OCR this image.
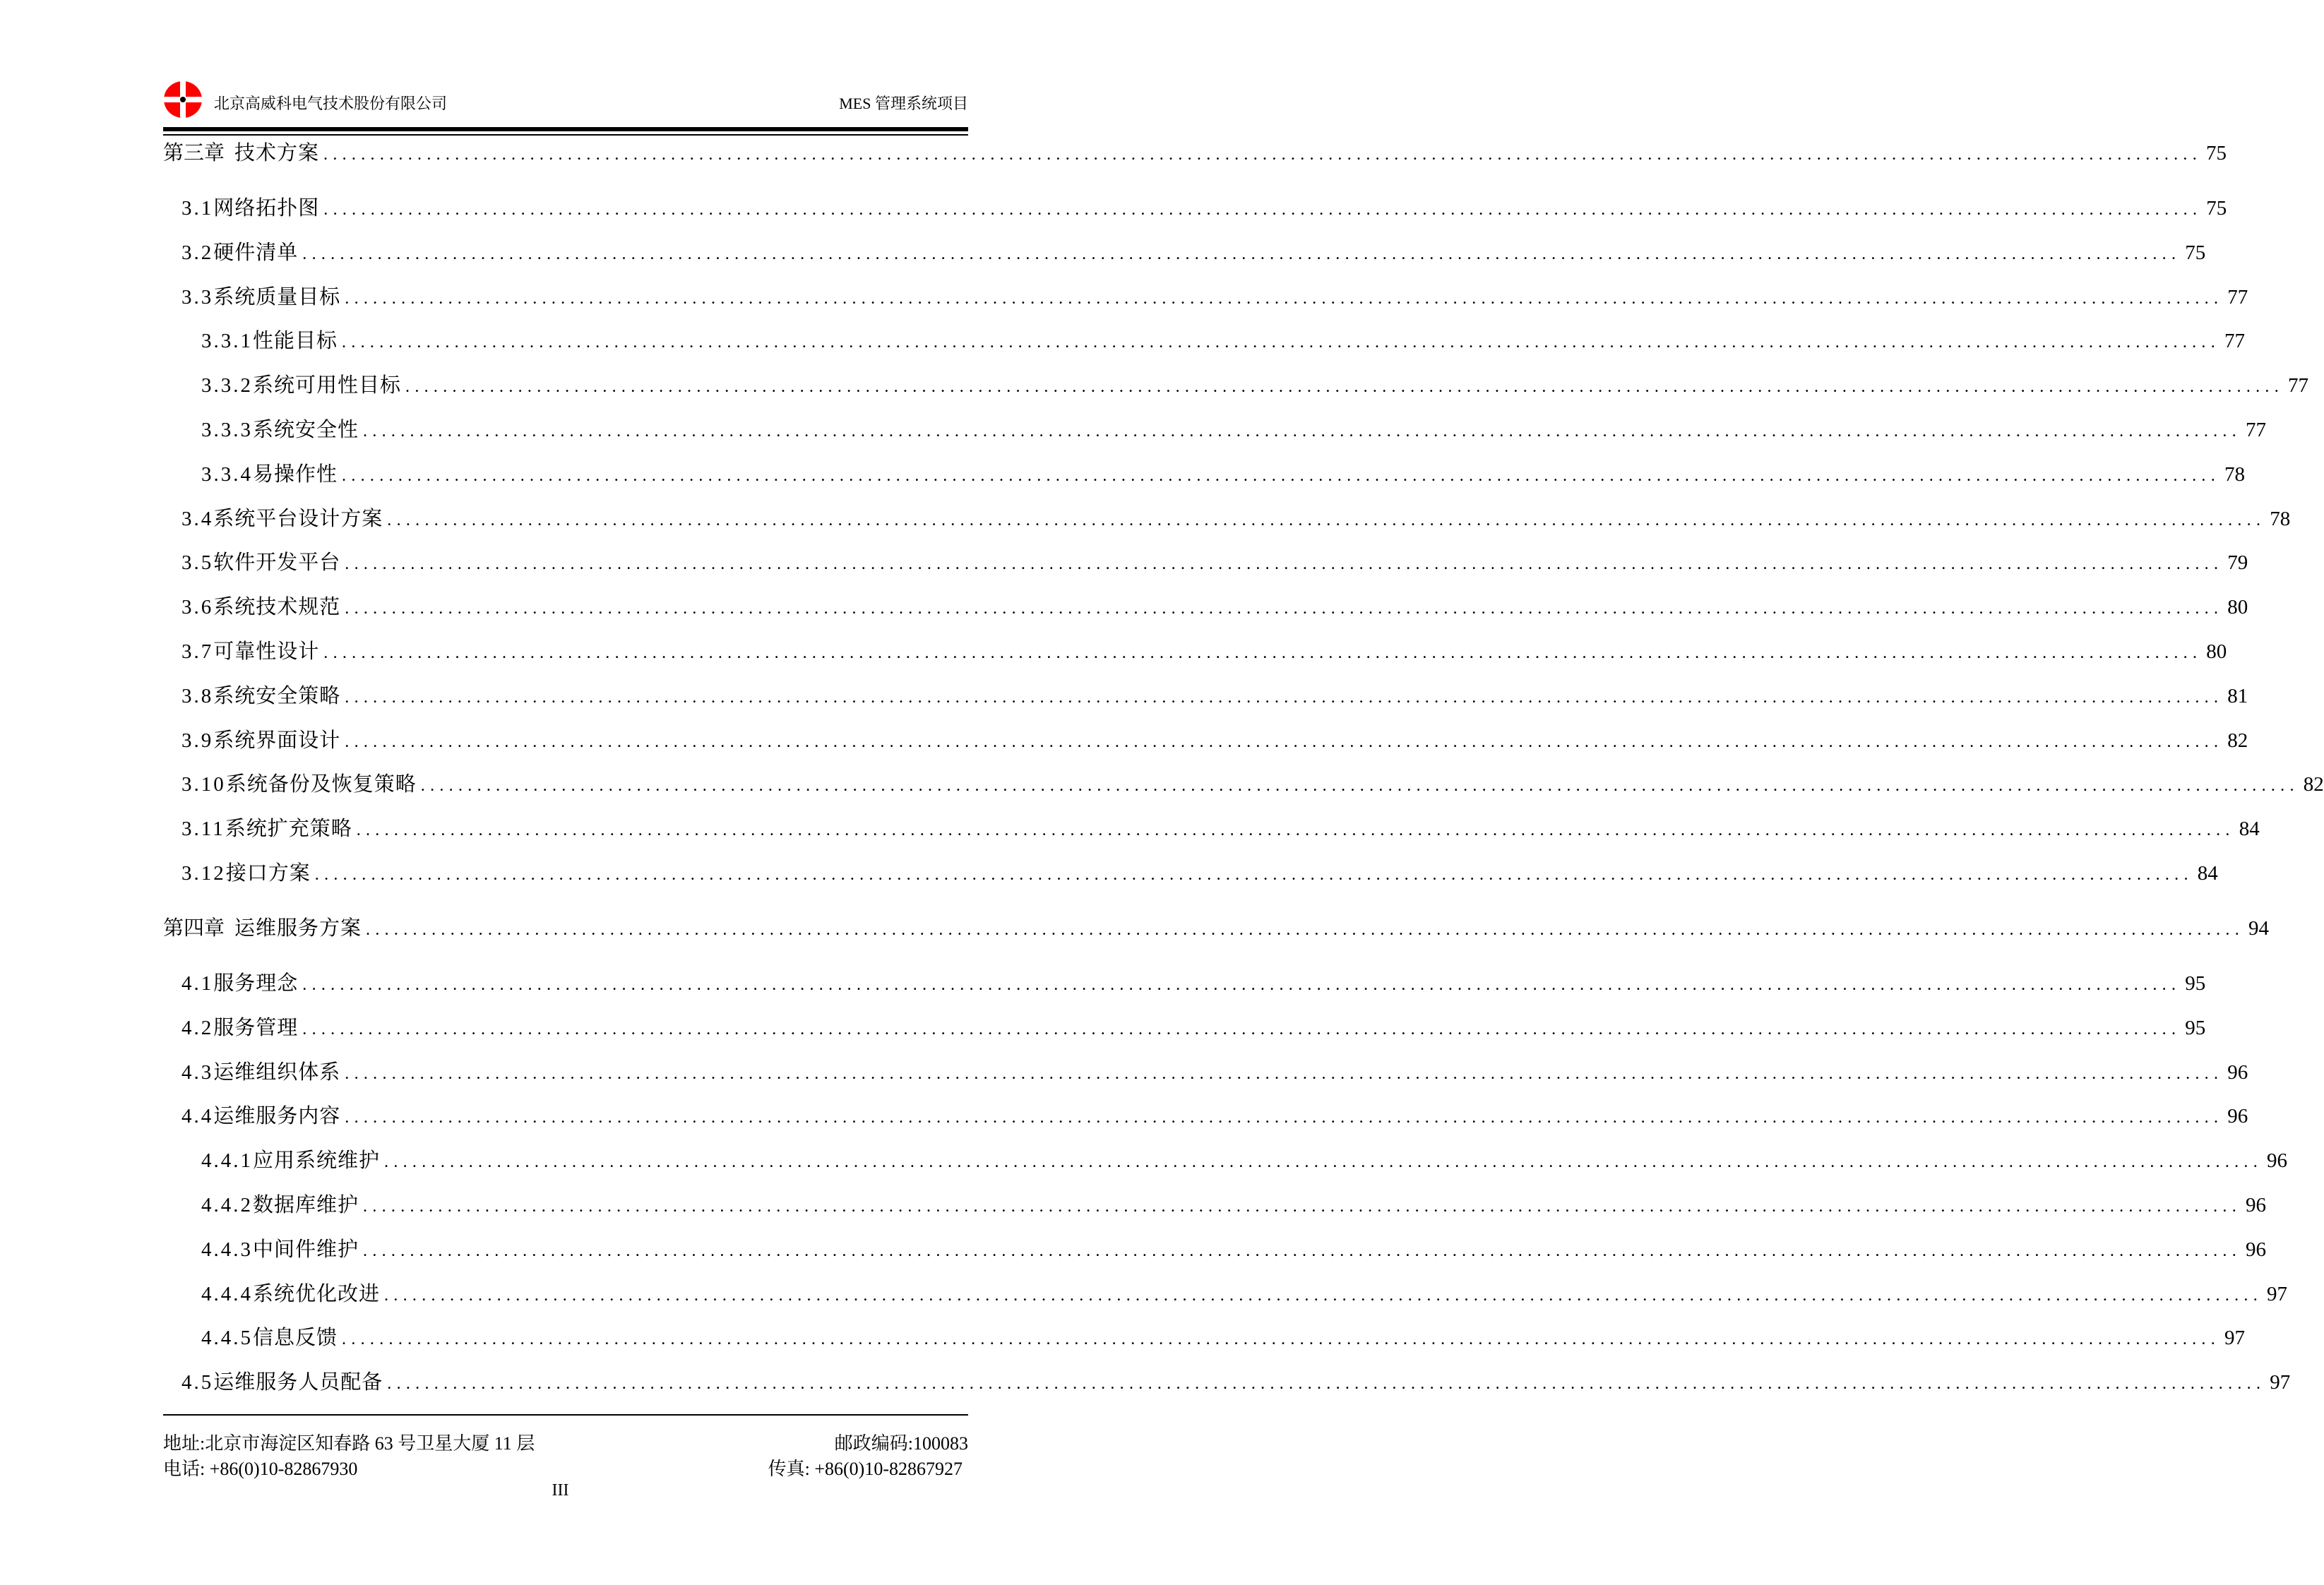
北京高威科电气技术股份有限公司	MES 管理系统项目
第三章 技术方案 ........................................................................................................................................................................................................ 75
3.1 网络拓扑图 ........................................................................................................................................................................................................ 75
3.2 硬件清单 ........................................................................................................................................................................................................ 75
3.3 系统质量目标 ........................................................................................................................................................................................................ 77
3.3.1 性能目标 ........................................................................................................................................................................................................ 77
3.3.2 系统可用性目标 ........................................................................................................................................................................................................ 77
3.3.3 系统安全性 ........................................................................................................................................................................................................ 77
3.3.4 易操作性 ........................................................................................................................................................................................................ 78
3.4 系统平台设计方案 ........................................................................................................................................................................................................ 78
3.5 软件开发平台 ........................................................................................................................................................................................................ 79
3.6 系统技术规范 ........................................................................................................................................................................................................ 80
3.7 可靠性设计 ........................................................................................................................................................................................................ 80
3.8 系统安全策略 ........................................................................................................................................................................................................ 81
3.9 系统界面设计 ........................................................................................................................................................................................................ 82
3.10 系统备份及恢复策略 ........................................................................................................................................................................................................ 82
3.11 系统扩充策略 ........................................................................................................................................................................................................ 84
3.12 接口方案 ........................................................................................................................................................................................................ 84
第四章 运维服务方案 ........................................................................................................................................................................................................ 94
4.1 服务理念 ........................................................................................................................................................................................................ 95
4.2 服务管理 ........................................................................................................................................................................................................ 95
4.3 运维组织体系 ........................................................................................................................................................................................................ 96
4.4 运维服务内容 ........................................................................................................................................................................................................ 96
4.4.1 应用系统维护 ........................................................................................................................................................................................................ 96
4.4.2 数据库维护 ........................................................................................................................................................................................................ 96
4.4.3 中间件维护 ........................................................................................................................................................................................................ 96
4.4.4 系统优化改进 ........................................................................................................................................................................................................ 97
4.4.5 信息反馈 ........................................................................................................................................................................................................ 97
4.5 运维服务人员配备 ........................................................................................................................................................................................................ 97
地址:北京市海淀区知春路 63 号卫星大厦 11 层	邮政编码:100083
电话: +86(0)10-82867930	传真: +86(0)10-82867927
III
